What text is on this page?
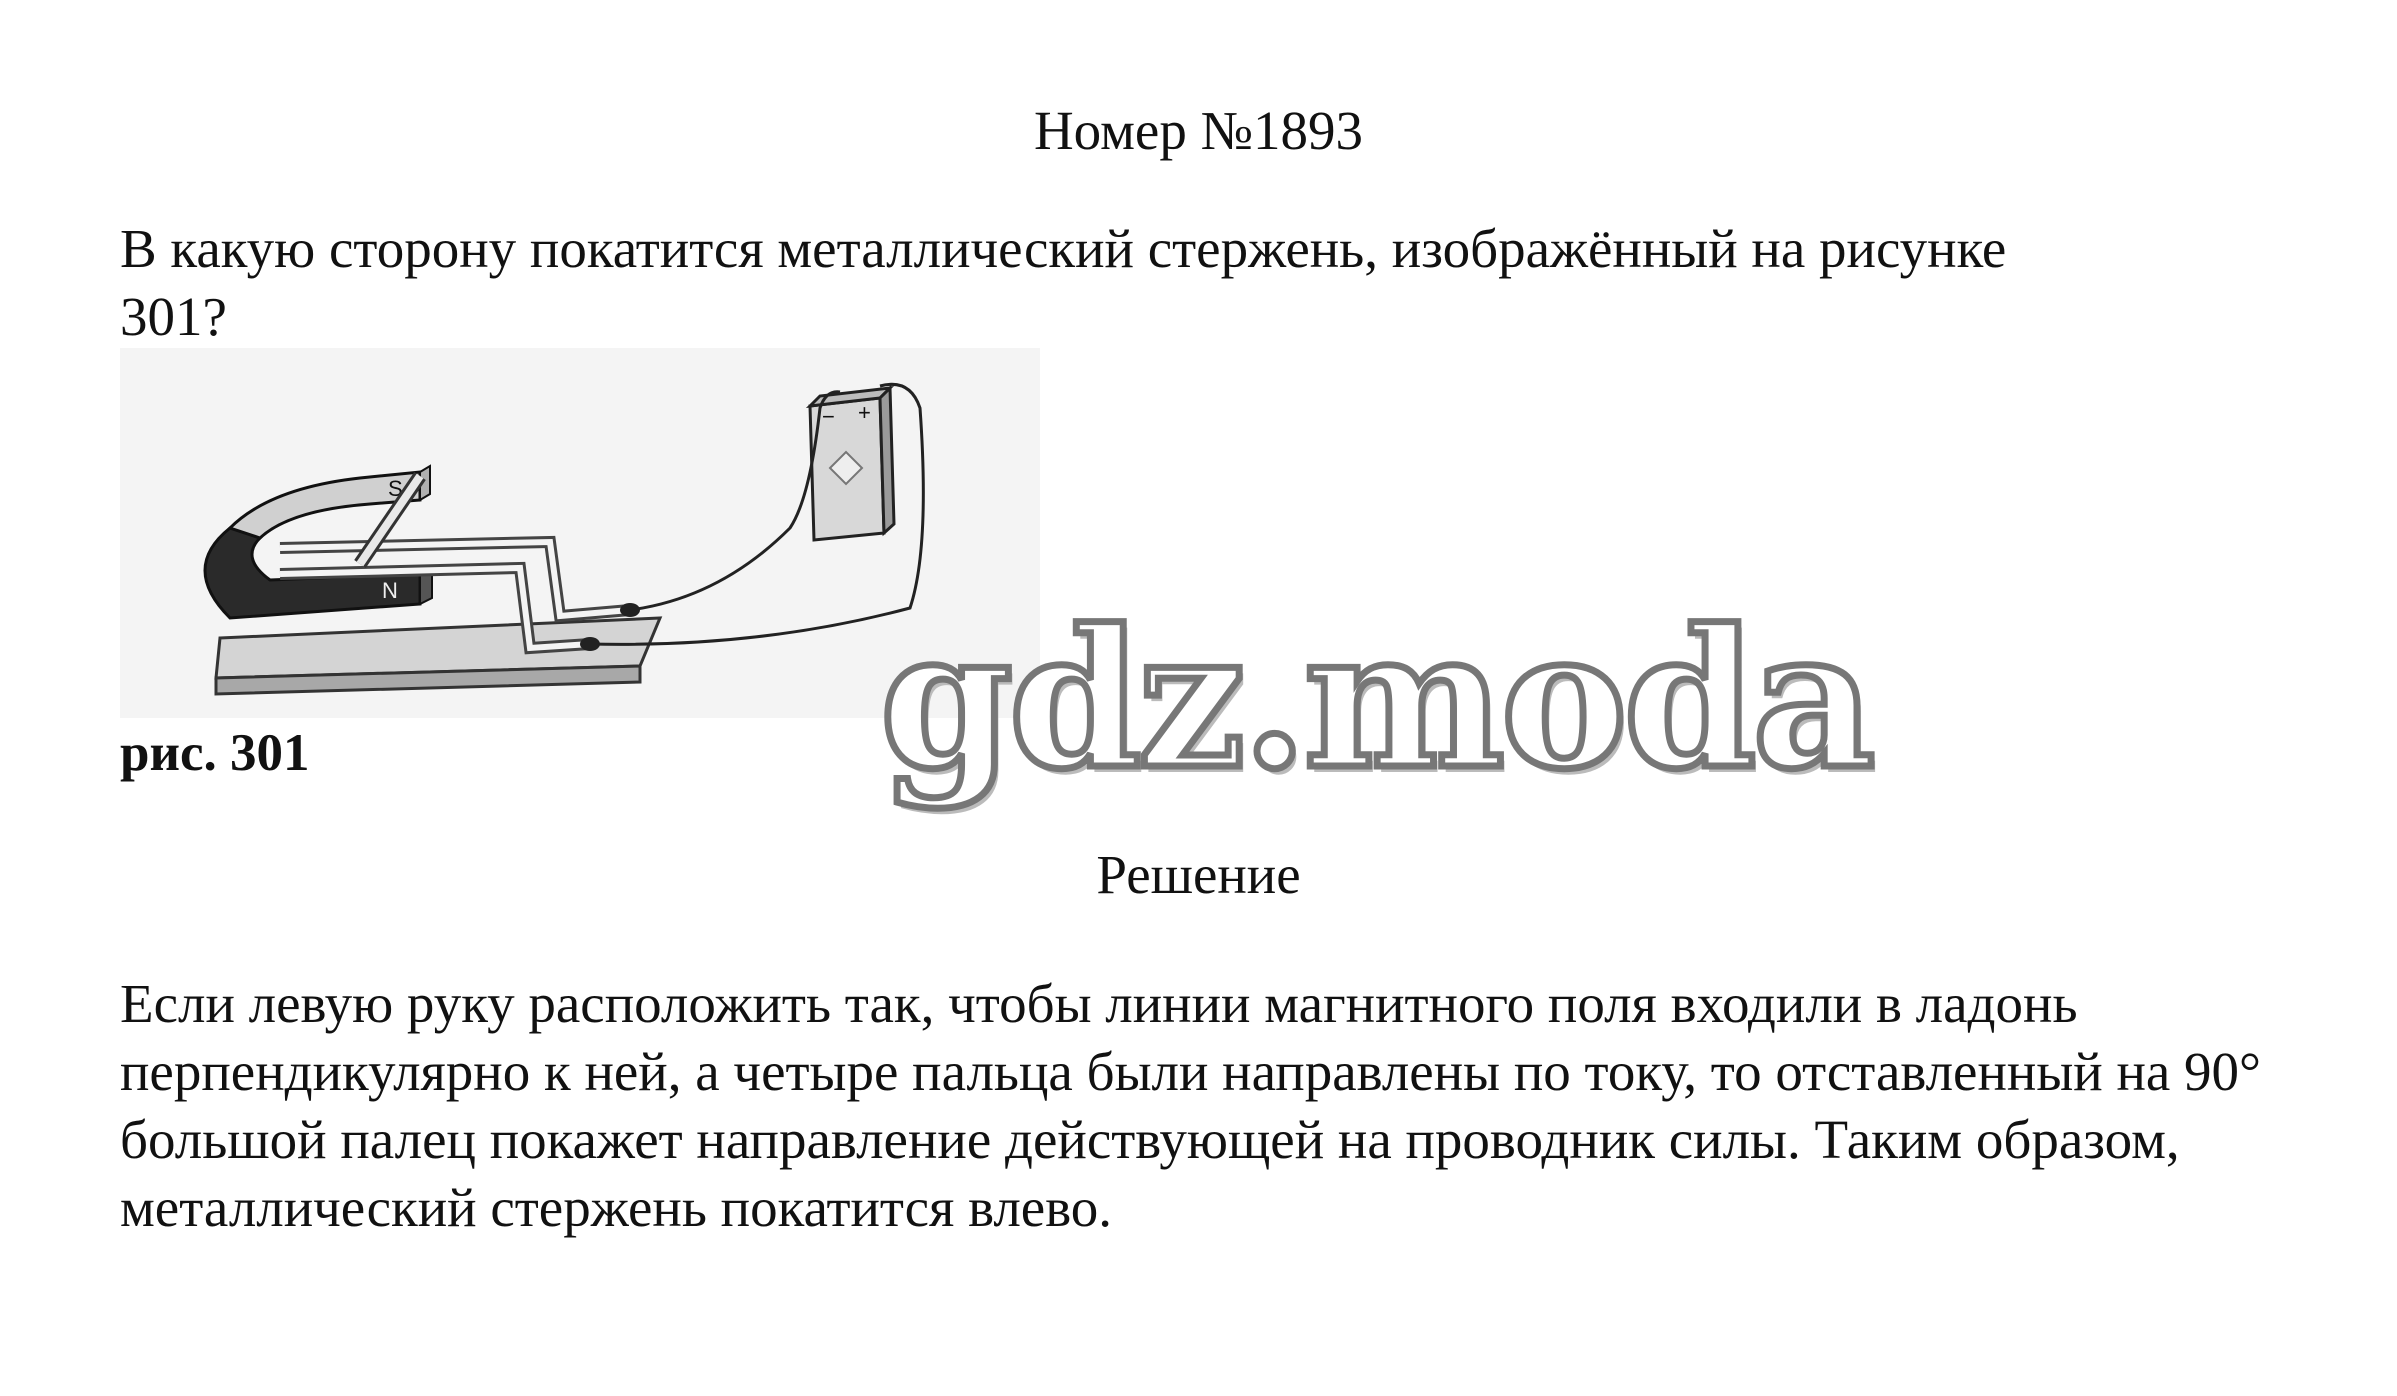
Номер №1893
В какую сторону покатится металлический стержень, изображённый на рисунке 301?
S
N
− +
рис. 301	gdz.moda
Решение
Если левую руку расположить так, чтобы линии магнитного поля входили в ладонь перпендикулярно к ней, а четыре пальца были направлены по току, то отставленный на 90° большой палец покажет направление действующей на проводник силы. Таким образом, металлический стержень покатится влево.
